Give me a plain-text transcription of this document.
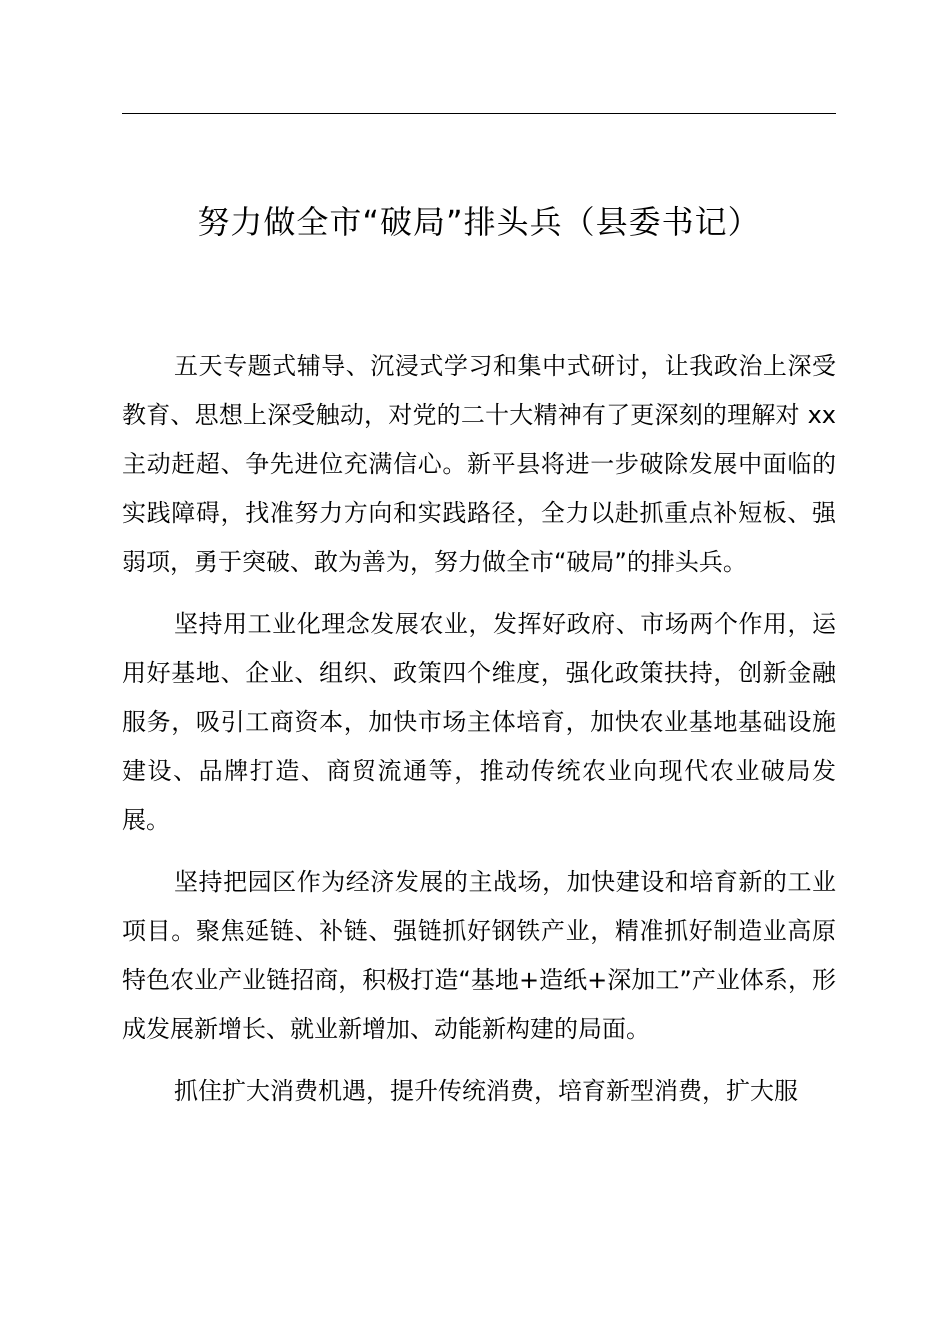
努力做全市“破局”排头兵（县委书记）

五天专题式辅导、沉浸式学习和集中式研讨，让我政治上深受教育、思想上深受触动，对党的二十大精神有了更深刻的理解对 xx 主动赶超、争先进位充满信心。新平县将进一步破除发展中面临的实践障碍，找准努力方向和实践路径，全力以赴抓重点补短板、强弱项，勇于突破、敢为善为，努力做全市“破局”的排头兵。

坚持用工业化理念发展农业，发挥好政府、市场两个作用，运用好基地、企业、组织、政策四个维度，强化政策扶持，创新金融服务，吸引工商资本，加快市场主体培育，加快农业基地基础设施建设、品牌打造、商贸流通等，推动传统农业向现代农业破局发展。

坚持把园区作为经济发展的主战场，加快建设和培育新的工业项目。聚焦延链、补链、强链抓好钢铁产业，精准抓好制造业高原特色农业产业链招商，积极打造“基地+造纸+深加工”产业体系，形成发展新增长、就业新增加、动能新构建的局面。

抓住扩大消费机遇，提升传统消费，培育新型消费，扩大服
